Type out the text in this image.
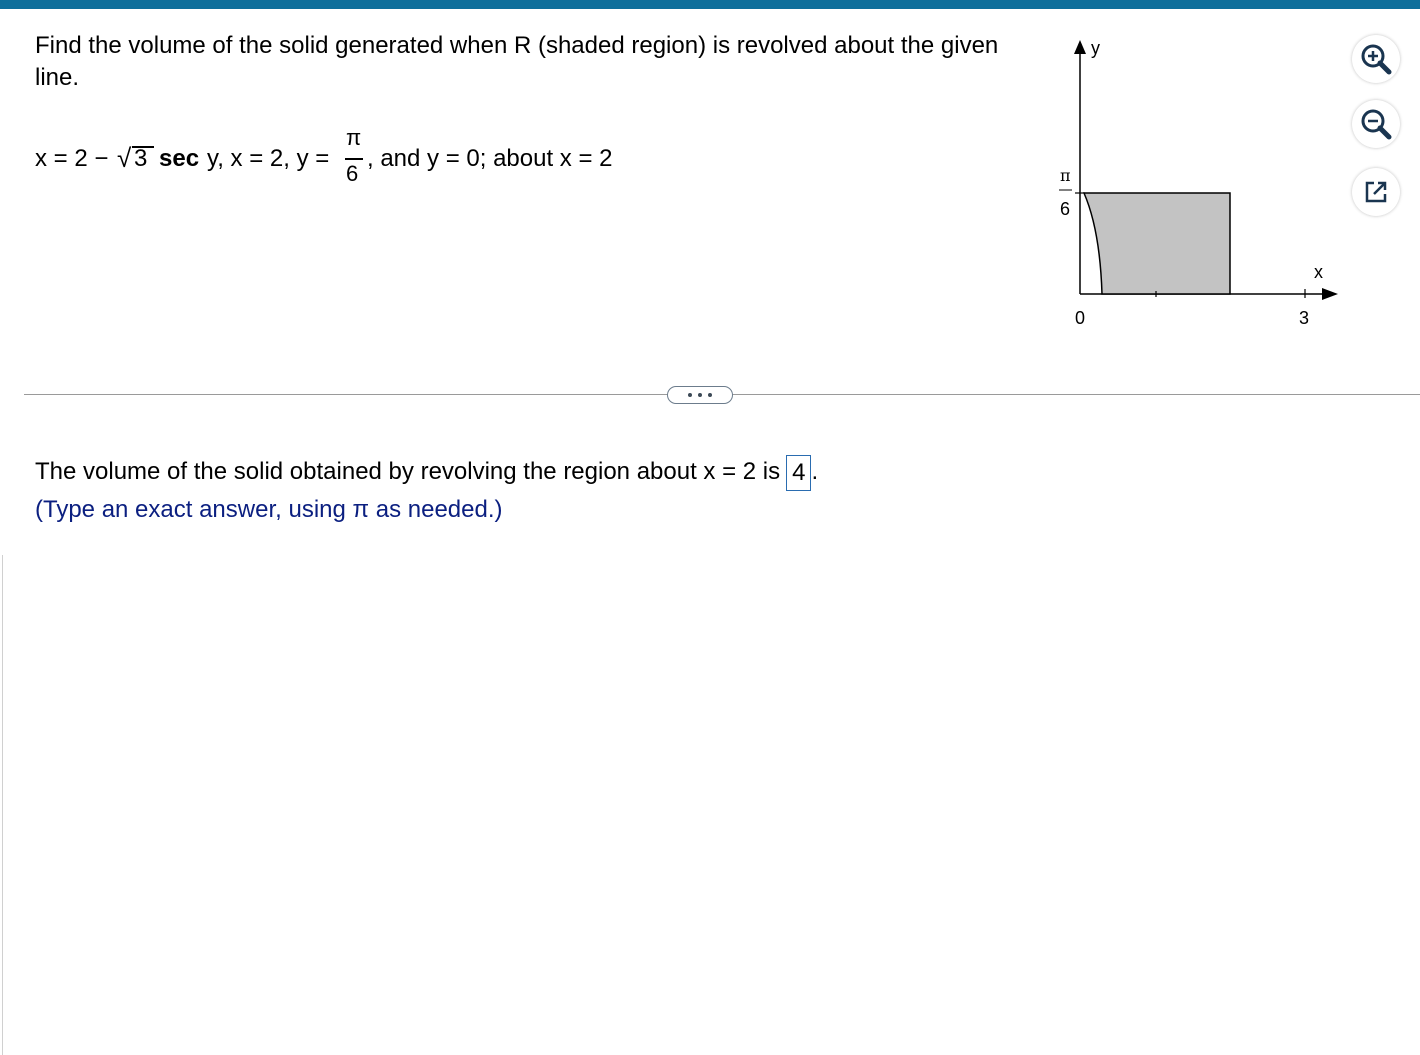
Find the volume of the solid generated when R (shaded region) is revolved about the given line.
x = 2 − √ 3 sec y, x = 2, y =
π
6
, and y = 0; about x = 2
y
x
π
6
0	3
The volume of the solid obtained by revolving the region about x = 2 is 4 .
(Type an exact answer, using π as needed.)
